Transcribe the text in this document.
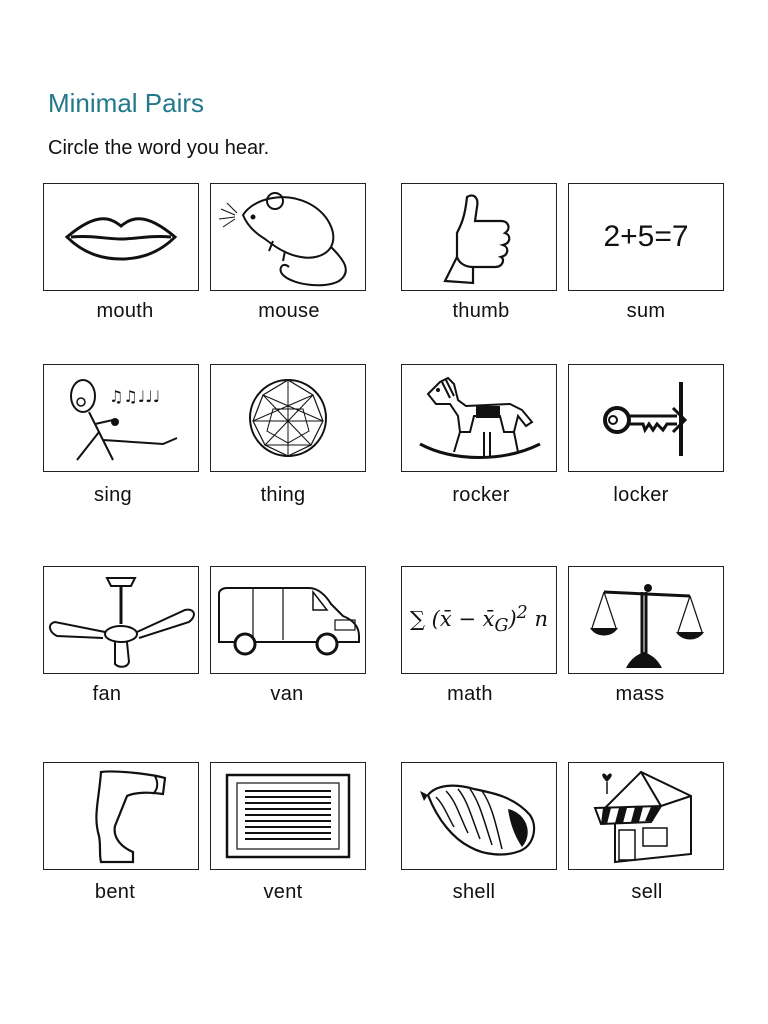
Minimal Pairs

Circle the word you hear.

2+5=7
mouth	mouse	thumb	sum
♫♫♩♩♩
sing	thing	rocker	locker
∑ (x̄ − $x̄_G)^2$ n
fan	van	math	mass
bent	vent	shell	sell
